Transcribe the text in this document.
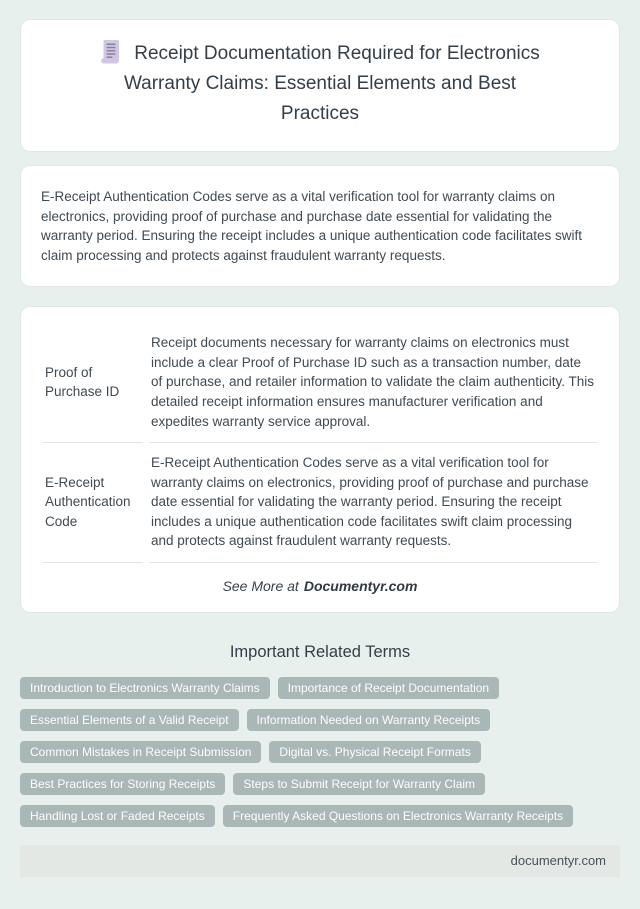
Receipt Documentation Required for Electronics Warranty Claims: Essential Elements and Best Practices

E-Receipt Authentication Codes serve as a vital verification tool for warranty claims on electronics, providing proof of purchase and purchase date essential for validating the warranty period. Ensuring the receipt includes a unique authentication code facilitates swift claim processing and protects against fraudulent warranty requests.

Proof of Purchase ID	Receipt documents necessary for warranty claims on electronics must include a clear Proof of Purchase ID such as a transaction number, date of purchase, and retailer information to validate the claim authenticity. This detailed receipt information ensures manufacturer verification and expedites warranty service approval.
E-Receipt Authentication Code	E-Receipt Authentication Codes serve as a vital verification tool for warranty claims on electronics, providing proof of purchase and purchase date essential for validating the warranty period. Ensuring the receipt includes a unique authentication code facilitates swift claim processing and protects against fraudulent warranty requests.

See More at Documentyr.com

Important Related Terms
Introduction to Electronics Warranty Claims	Importance of Receipt Documentation
Essential Elements of a Valid Receipt	Information Needed on Warranty Receipts
Common Mistakes in Receipt Submission	Digital vs. Physical Receipt Formats
Best Practices for Storing Receipts	Steps to Submit Receipt for Warranty Claim
Handling Lost or Faded Receipts	Frequently Asked Questions on Electronics Warranty Receipts
documentyr.com
